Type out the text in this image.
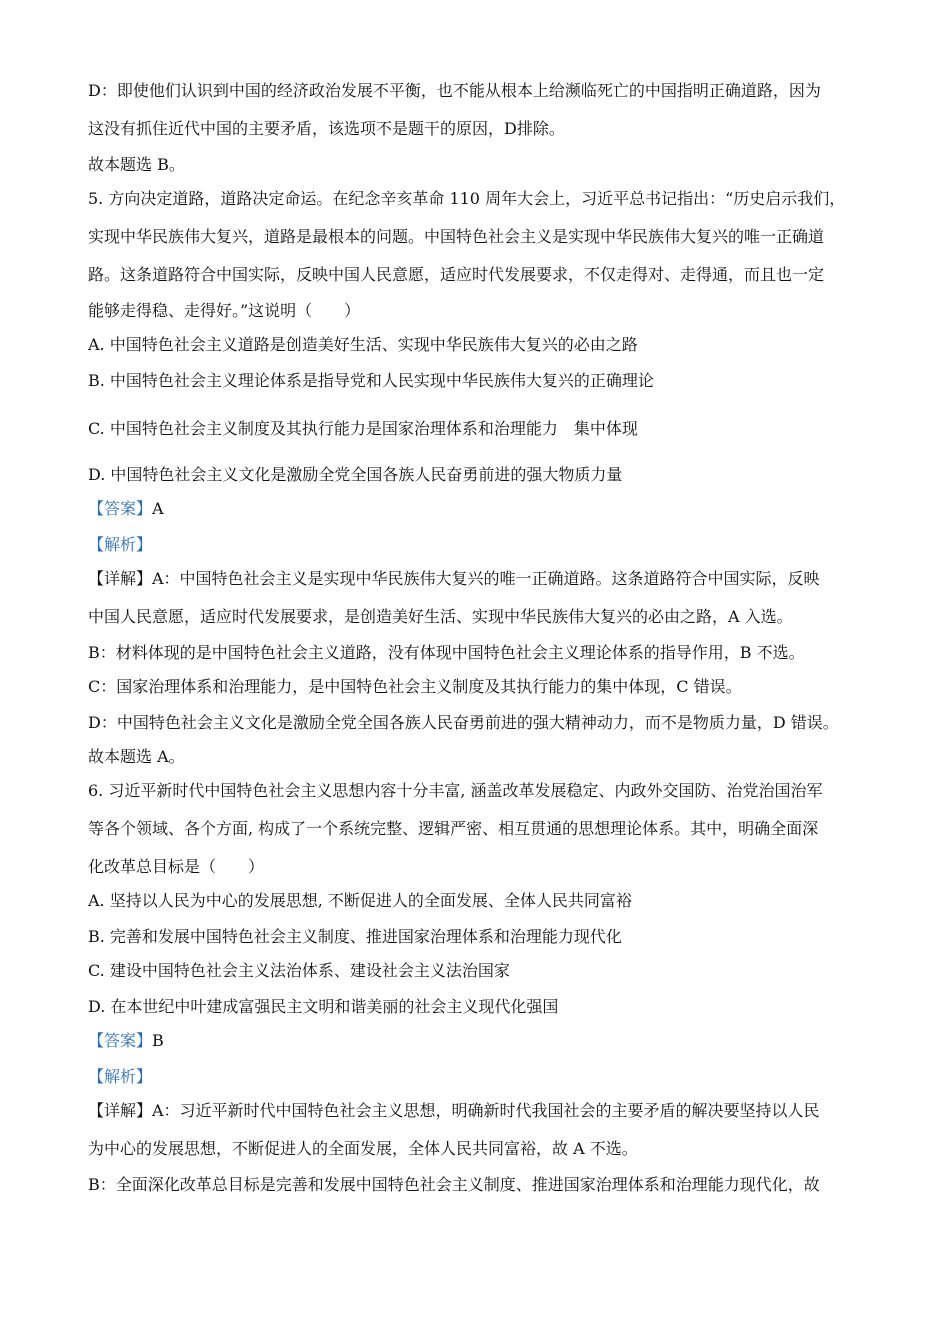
D：即使他们认识到中国的经济政治发展不平衡，也不能从根本上给濒临死亡的中国指明正确道路，因为
这没有抓住近代中国的主要矛盾，该选项不是题干的原因，D排除。
故本题选 B。
5. 方向决定道路，道路决定命运。在纪念辛亥革命 110 周年大会上，习近平总书记指出：“历史启示我们，
实现中华民族伟大复兴，道路是最根本的问题。中国特色社会主义是实现中华民族伟大复兴的唯一正确道
路。这条道路符合中国实际，反映中国人民意愿，适应时代发展要求，不仅走得对、走得通，而且也一定
能够走得稳、走得好。”这说明（　　）
A. 中国特色社会主义道路是创造美好生活、实现中华民族伟大复兴的必由之路
B. 中国特色社会主义理论体系是指导党和人民实现中华民族伟大复兴的正确理论
C. 中国特色社会主义制度及其执行能力是国家治理体系和治理能力　集中体现
D. 中国特色社会主义文化是激励全党全国各族人民奋勇前进的强大物质力量
【答案】A
【解析】
【详解】A：中国特色社会主义是实现中华民族伟大复兴的唯一正确道路。这条道路符合中国实际，反映
中国人民意愿，适应时代发展要求，是创造美好生活、实现中华民族伟大复兴的必由之路，A 入选。
B：材料体现的是中国特色社会主义道路，没有体现中国特色社会主义理论体系的指导作用，B 不选。
C：国家治理体系和治理能力，是中国特色社会主义制度及其执行能力的集中体现，C 错误。
D：中国特色社会主义文化是激励全党全国各族人民奋勇前进的强大精神动力，而不是物质力量，D 错误。
故本题选 A。
6. 习近平新时代中国特色社会主义思想内容十分丰富, 涵盖改革发展稳定、内政外交国防、治党治国治军
等各个领域、各个方面, 构成了一个系统完整、逻辑严密、相互贯通的思想理论体系。其中，明确全面深
化改革总目标是（　　）
A. 坚持以人民为中心的发展思想, 不断促进人的全面发展、全体人民共同富裕
B. 完善和发展中国特色社会主义制度、推进国家治理体系和治理能力现代化
C. 建设中国特色社会主义法治体系、建设社会主义法治国家
D. 在本世纪中叶建成富强民主文明和谐美丽的社会主义现代化强国
【答案】B
【解析】
【详解】A：习近平新时代中国特色社会主义思想，明确新时代我国社会的主要矛盾的解决要坚持以人民
为中心的发展思想，不断促进人的全面发展，全体人民共同富裕，故 A 不选。
B：全面深化改革总目标是完善和发展中国特色社会主义制度、推进国家治理体系和治理能力现代化，故
